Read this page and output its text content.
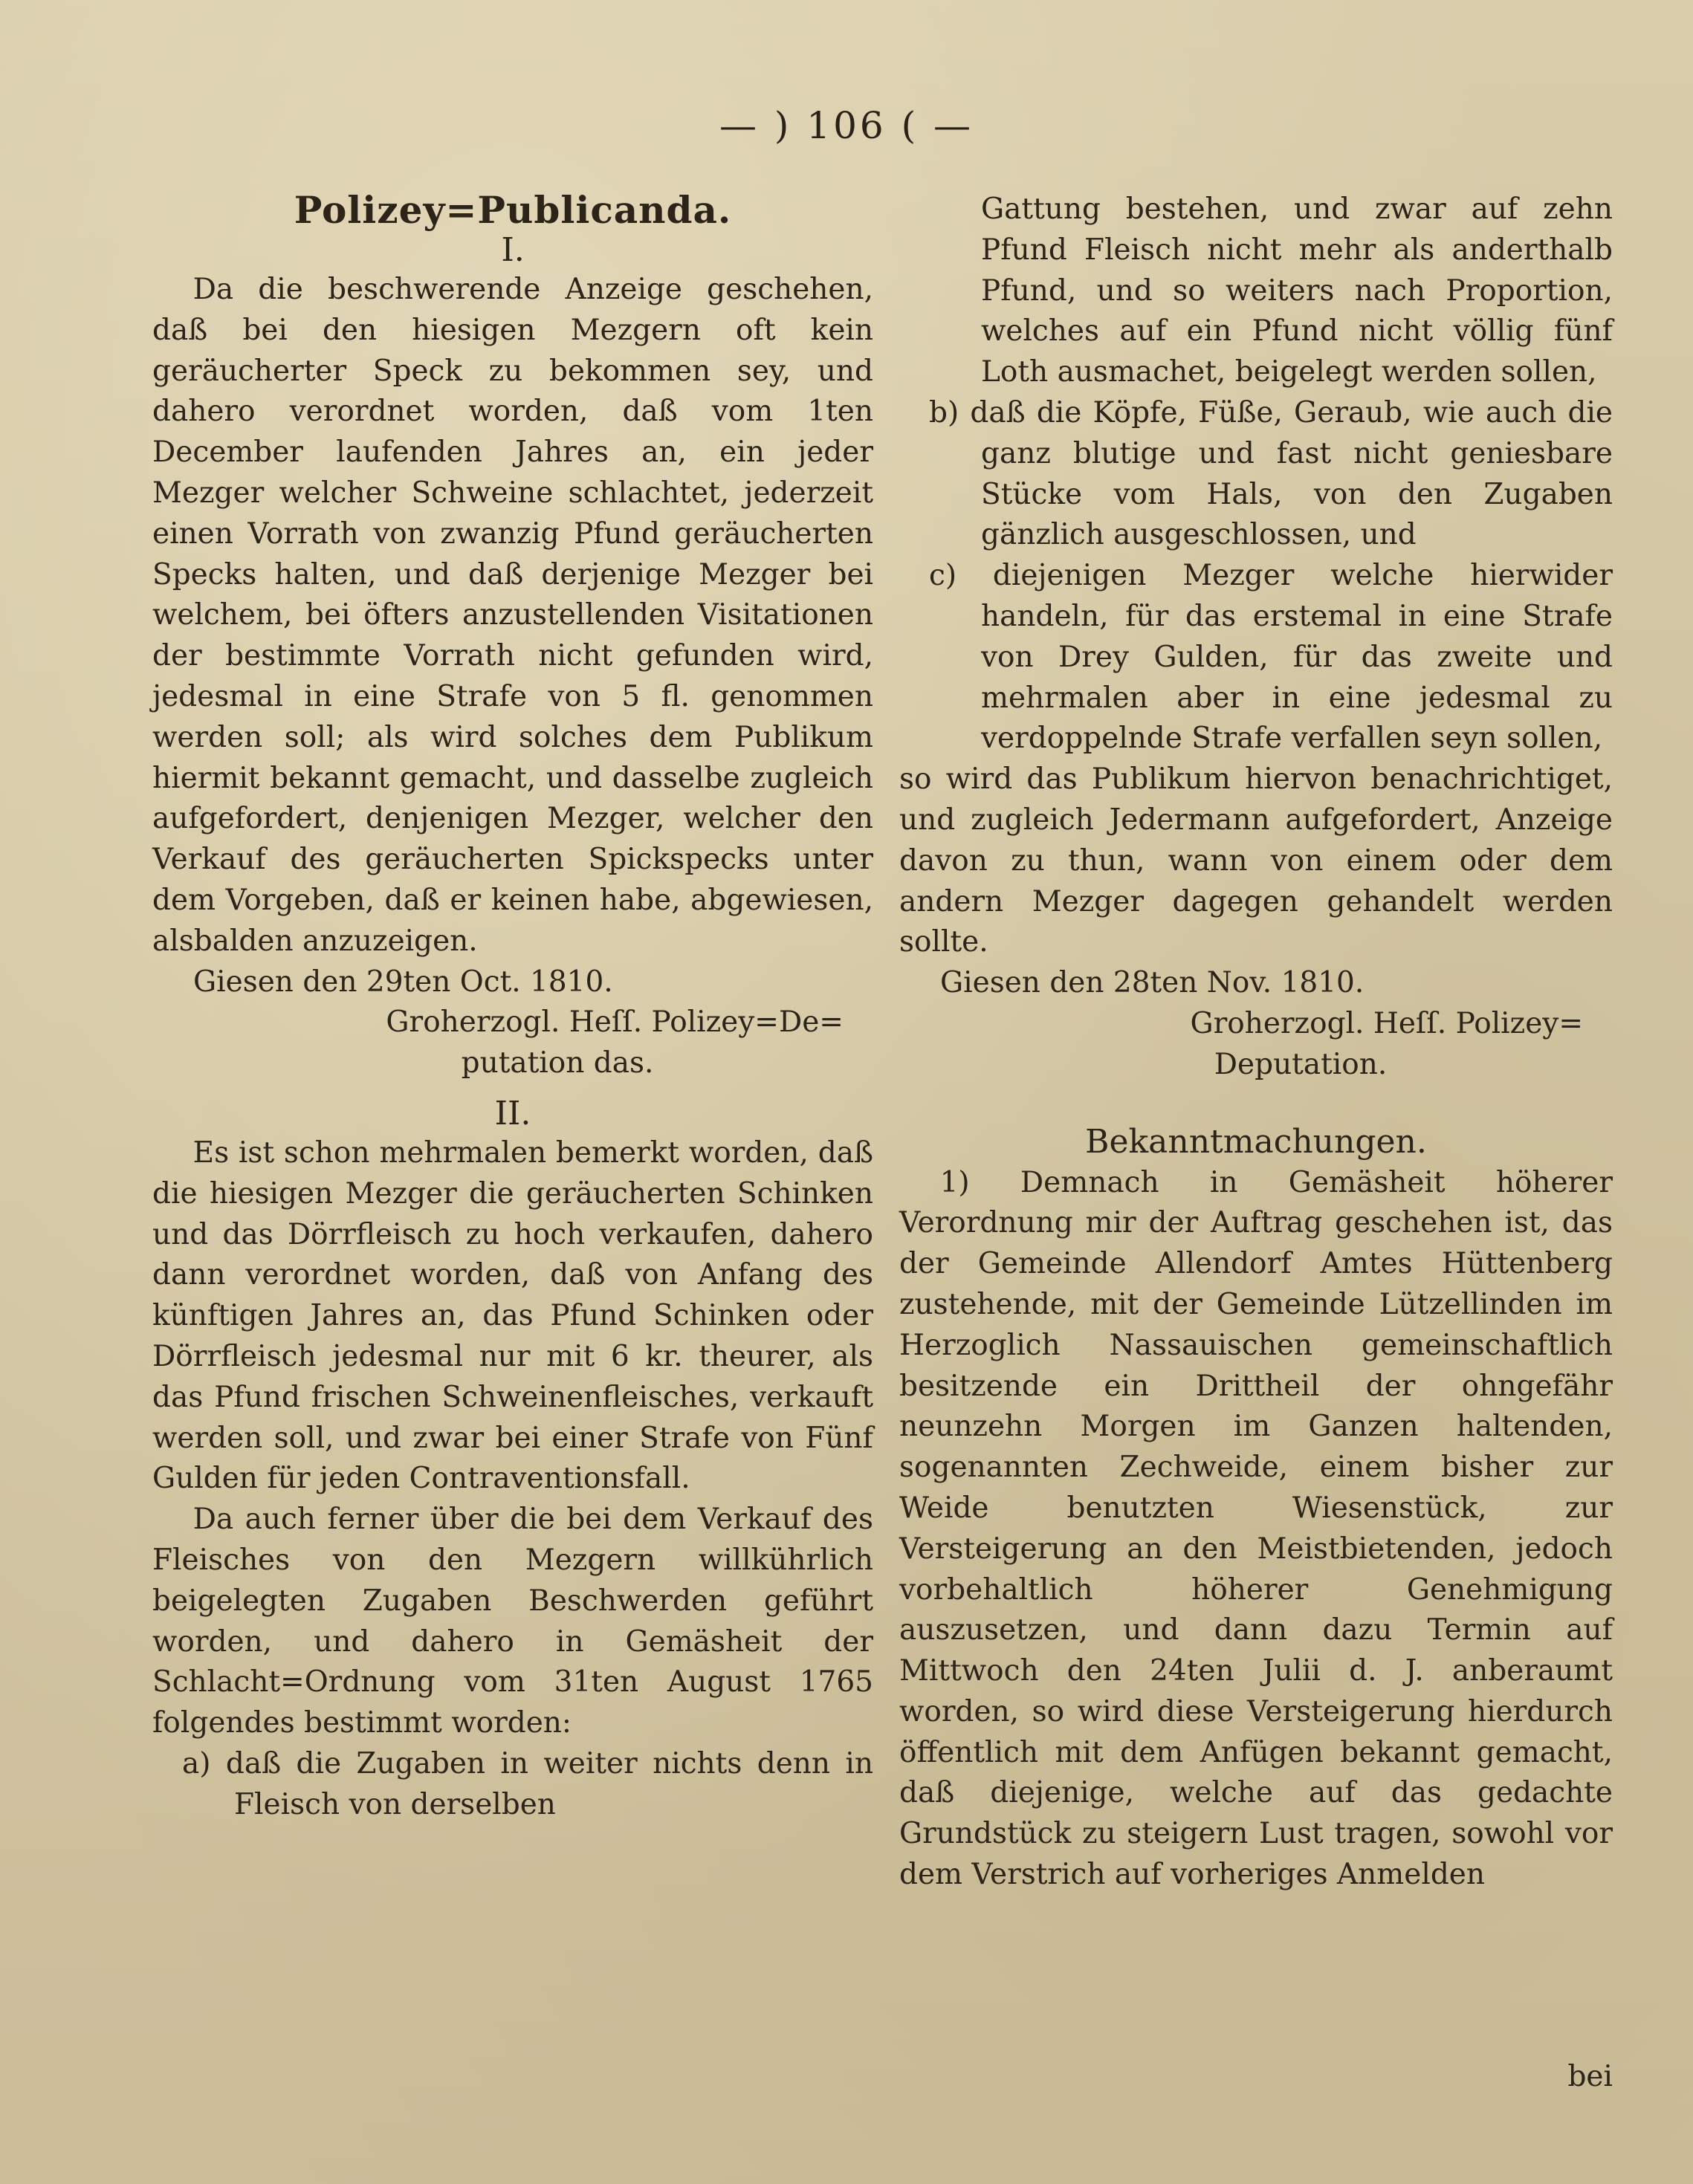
— ) 106 ( —

Polizey=Publicanda.

I.

Da die beschwerende Anzeige geschehen, daß bei den hiesigen Mezgern oft kein geräucherter Speck zu bekommen sey, und dahero verordnet worden, daß vom 1ten December laufenden Jahres an, ein jeder Mezger welcher Schweine schlachtet, jederzeit einen Vorrath von zwanzig Pfund geräucherten Specks halten, und daß derjenige Mezger bei welchem, bei öfters anzustellenden Visitationen der bestimmte Vorrath nicht gefunden wird, jedesmal in eine Strafe von 5 fl. genommen werden soll; als wird solches dem Publikum hiermit bekannt gemacht, und dasselbe zugleich aufgefordert, denjenigen Mezger, welcher den Verkauf des geräucherten Spickspecks unter dem Vorgeben, daß er keinen habe, abgewiesen, alsbalden anzuzeigen.

Giesen den 29ten Oct. 1810.

Groherzogl. Heſſ. Polizey=De=

putation das.

II.

Es ist schon mehrmalen bemerkt worden, daß die hiesigen Mezger die geräucherten Schinken und das Dörrfleisch zu hoch verkaufen, dahero dann verordnet worden, daß von Anfang des künftigen Jahres an, das Pfund Schinken oder Dörrfleisch jedesmal nur mit 6 kr. theurer, als das Pfund frischen Schweinenfleisches, verkauft werden soll, und zwar bei einer Strafe von Fünf Gulden für jeden Contraventionsfall.

Da auch ferner über die bei dem Verkauf des Fleisches von den Mezgern willkührlich beigelegten Zugaben Beschwerden geführt worden, und dahero in Gemäsheit der Schlacht=Ordnung vom 31ten August 1765 folgendes bestimmt worden:

a) daß die Zugaben in weiter nichts denn in Fleisch von derselben

Gattung bestehen, und zwar auf zehn Pfund Fleisch nicht mehr als anderthalb Pfund, und so weiters nach Proportion, welches auf ein Pfund nicht völlig fünf Loth ausmachet, beigelegt werden sollen,

b) daß die Köpfe, Füße, Geraub, wie auch die ganz blutige und fast nicht geniesbare Stücke vom Hals, von den Zugaben gänzlich ausgeschlossen, und

c) diejenigen Mezger welche hierwider handeln, für das erstemal in eine Strafe von Drey Gulden, für das zweite und mehrmalen aber in eine jedesmal zu verdoppelnde Strafe verfallen seyn sollen,

so wird das Publikum hiervon benachrichtiget, und zugleich Jedermann aufgefordert, Anzeige davon zu thun, wann von einem oder dem andern Mezger dagegen gehandelt werden sollte.

Giesen den 28ten Nov. 1810.

Groherzogl. Heſſ. Polizey=

Deputation.

Bekanntmachungen.

1) Demnach in Gemäsheit höherer Verordnung mir der Auftrag geschehen ist, das der Gemeinde Allendorf Amtes Hüttenberg zustehende, mit der Gemeinde Lützellinden im Herzoglich Nassauischen gemeinschaftlich besitzende ein Drittheil der ohngefähr neunzehn Morgen im Ganzen haltenden, sogenannten Zechweide, einem bisher zur Weide benutzten Wiesenstück, zur Versteigerung an den Meistbietenden, jedoch vorbehaltlich höherer Genehmigung auszusetzen, und dann dazu Termin auf Mittwoch den 24ten Julii d. J. anberaumt worden, so wird diese Versteigerung hierdurch öffentlich mit dem Anfügen bekannt gemacht, daß diejenige, welche auf das gedachte Grundstück zu steigern Lust tragen, sowohl vor dem Verstrich auf vorheriges Anmelden

bei
